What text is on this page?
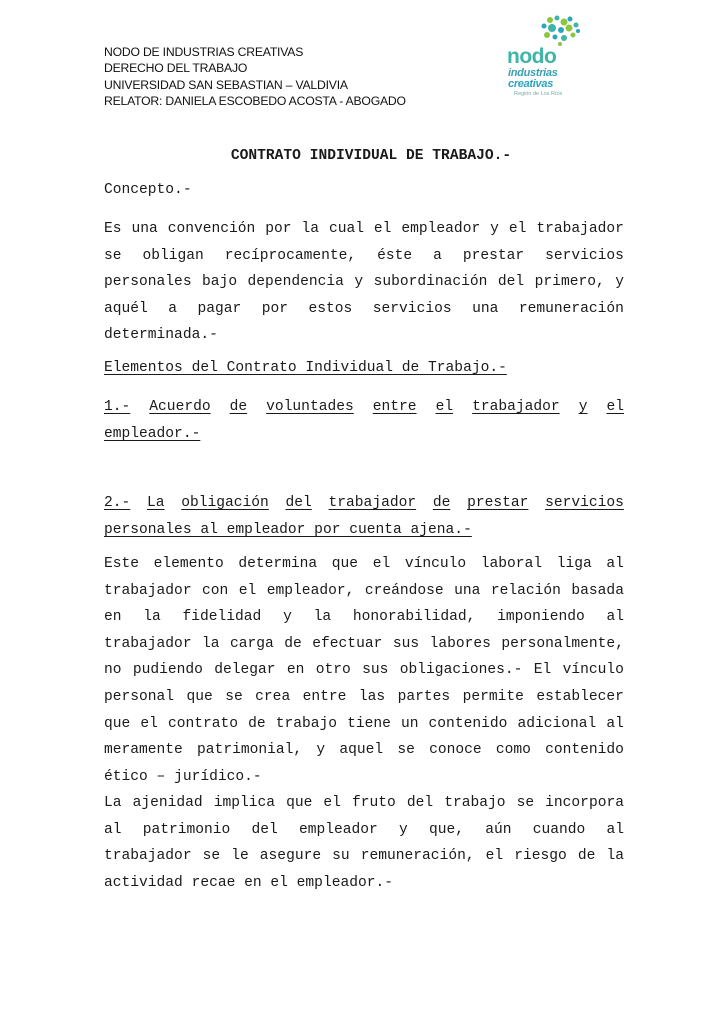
NODO DE INDUSTRIAS CREATIVAS
DERECHO DEL TRABAJO
UNIVERSIDAD SAN SEBASTIAN – VALDIVIA
RELATOR: DANIELA ESCOBEDO ACOSTA - ABOGADO
nodo
industrias
creativas
Región de Los Ríos
CONTRATO INDIVIDUAL DE TRABAJO.-
Concepto.-
Es una convención por la cual el empleador y el trabajador
se obligan recíprocamente, éste a prestar servicios
personales bajo dependencia y subordinación del primero, y
aquél a pagar por estos servicios una remuneración
determinada.-
Elementos del Contrato Individual de Trabajo.-
1.- Acuerdo de voluntades entre el trabajador y el
empleador.-
2.- La obligación del trabajador de prestar servicios
personales al empleador por cuenta ajena.-
Este elemento determina que el vínculo laboral liga al
trabajador con el empleador, creándose una relación basada
en la fidelidad y la honorabilidad, imponiendo al
trabajador la carga de efectuar sus labores personalmente,
no pudiendo delegar en otro sus obligaciones.- El vínculo
personal que se crea entre las partes permite establecer
que el contrato de trabajo tiene un contenido adicional al
meramente patrimonial, y aquel se conoce como contenido
ético – jurídico.-
La ajenidad implica que el fruto del trabajo se incorpora
al patrimonio del empleador y que, aún cuando al
trabajador se le asegure su remuneración, el riesgo de la
actividad recae en el empleador.-
